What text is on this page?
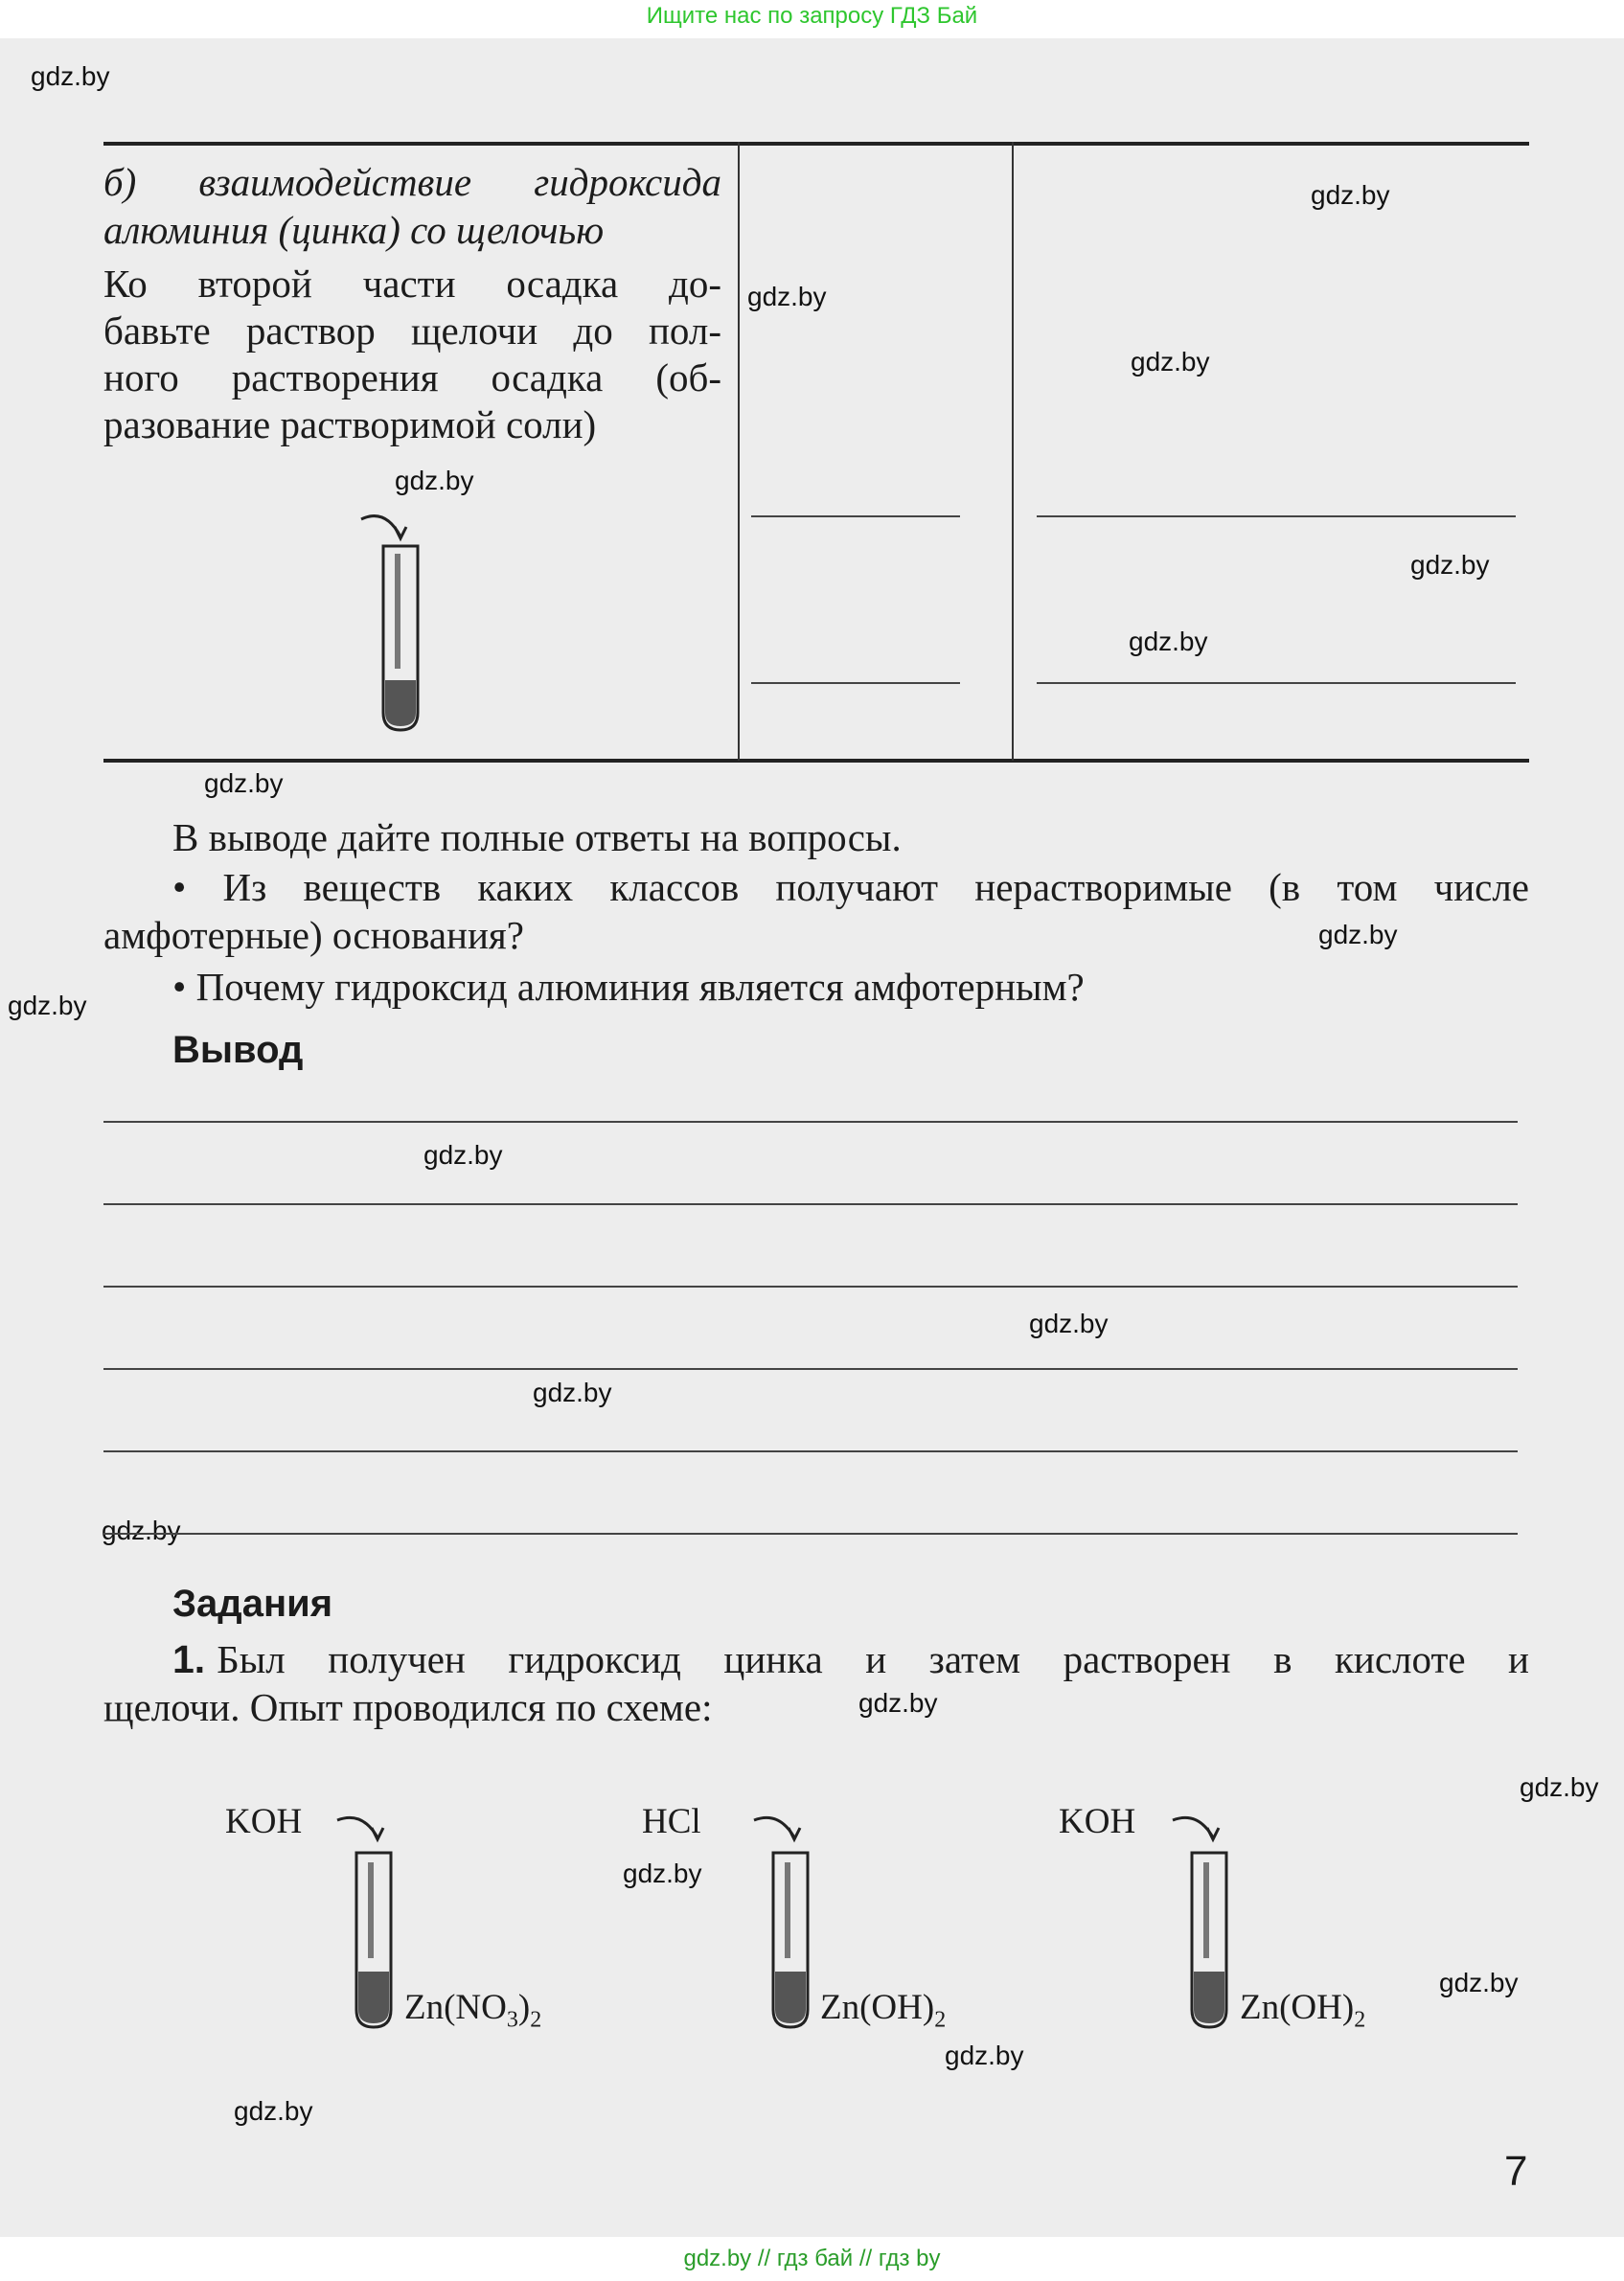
Ищите нас по запросу ГДЗ Бай
gdz.by
gdz.by
gdz.by
gdz.by
gdz.by
gdz.by
gdz.by
gdz.by
gdz.by
gdz.by
gdz.by
gdz.by
gdz.by
gdz.by
gdz.by
gdz.by
gdz.by
gdz.by
gdz.by
gdz.by
б) взаимодействие гидроксида
алюминия (цинка) со щелочью
Ко второй части осадка до-
бавьте раствор щелочи до пол-
ного растворения осадка (об-
разование растворимой соли)
В выводе дайте полные ответы на вопросы.
• Из веществ каких классов получают нерастворимые (в том числе
амфотерные) основания?
• Почему гидроксид алюминия является амфотерным?
Вывод
Задания
1. Был получен гидроксид цинка и затем растворен в кислоте и
щелочи. Опыт проводился по схеме:
KOH	HCl	KOH
$Zn(NO_3)_2$	$Zn(OH)_2$	$Zn(OH)_2$
7
gdz.by // гдз бай // гдз by
